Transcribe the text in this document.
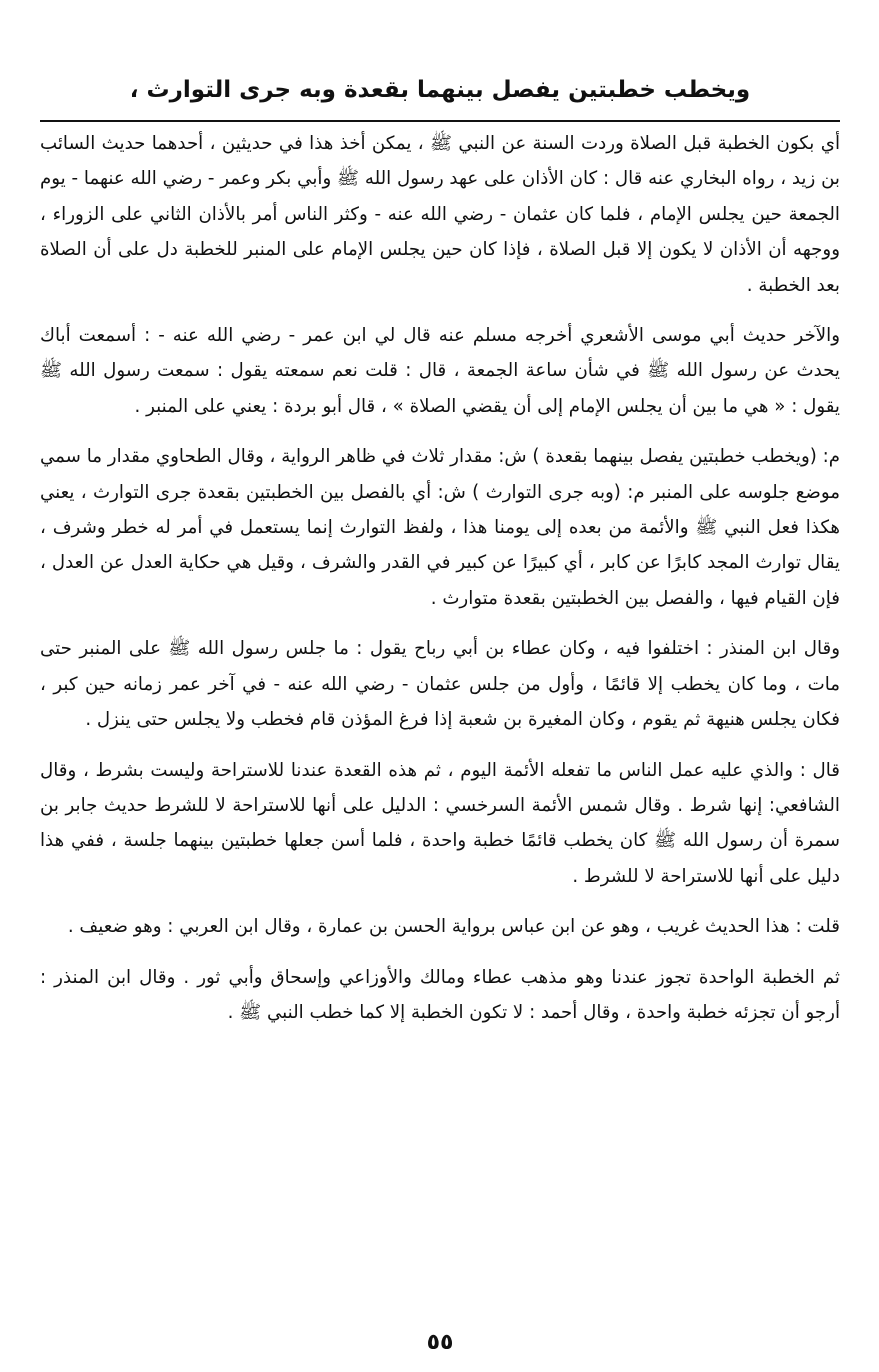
ويخطب خطبتين يفصل بينهما بقعدة وبه جرى التوارث ،

أي بكون الخطبة قبل الصلاة وردت السنة عن النبي ﷺ ، يمكن أخذ هذا في حديثين ، أحدهما حديث السائب بن زيد ، رواه البخاري عنه قال : كان الأذان على عهد رسول الله ﷺ وأبي بكر وعمر - رضي الله عنهما - يوم الجمعة حين يجلس الإمام ، فلما كان عثمان - رضي الله عنه - وكثر الناس أمر بالأذان الثاني على الزوراء ، ووجهه أن الأذان لا يكون إلا قبل الصلاة ، فإذا كان حين يجلس الإمام على المنبر للخطبة دل على أن الصلاة بعد الخطبة .

والآخر حديث أبي موسى الأشعري أخرجه مسلم عنه قال لي ابن عمر - رضي الله عنه - : أسمعت أباك يحدث عن رسول الله ﷺ في شأن ساعة الجمعة ، قال : قلت نعم سمعته يقول : سمعت رسول الله ﷺ يقول : « هي ما بين أن يجلس الإمام إلى أن يقضي الصلاة » ، قال أبو بردة : يعني على المنبر .

م: (ويخطب خطبتين يفصل بينهما بقعدة ) ش: مقدار ثلاث في ظاهر الرواية ، وقال الطحاوي مقدار ما سمي موضع جلوسه على المنبر م: (وبه جرى التوارث ) ش: أي بالفصل بين الخطبتين بقعدة جرى التوارث ، يعني هكذا فعل النبي ﷺ والأئمة من بعده إلى يومنا هذا ، ولفظ التوارث إنما يستعمل في أمر له خطر وشرف ، يقال توارث المجد كابرًا عن كابر ، أي كبيرًا عن كبير في القدر والشرف ، وقيل هي حكاية العدل عن العدل ، فإن القيام فيها ، والفصل بين الخطبتين بقعدة متوارث .

وقال ابن المنذر : اختلفوا فيه ، وكان عطاء بن أبي رباح يقول : ما جلس رسول الله ﷺ على المنبر حتى مات ، وما كان يخطب إلا قائمًا ، وأول من جلس عثمان - رضي الله عنه - في آخر عمر زمانه حين كبر ، فكان يجلس هنيهة ثم يقوم ، وكان المغيرة بن شعبة إذا فرغ المؤذن قام فخطب ولا يجلس حتى ينزل .

قال : والذي عليه عمل الناس ما تفعله الأئمة اليوم ، ثم هذه القعدة عندنا للاستراحة وليست بشرط ، وقال الشافعي: إنها شرط . وقال شمس الأئمة السرخسي : الدليل على أنها للاستراحة لا للشرط حديث جابر بن سمرة أن رسول الله ﷺ كان يخطب قائمًا خطبة واحدة ، فلما أسن جعلها خطبتين بينهما جلسة ، ففي هذا دليل على أنها للاستراحة لا للشرط .

قلت : هذا الحديث غريب ، وهو عن ابن عباس برواية الحسن بن عمارة ، وقال ابن العربي : وهو ضعيف .

ثم الخطبة الواحدة تجوز عندنا وهو مذهب عطاء ومالك والأوزاعي وإسحاق وأبي ثور . وقال ابن المنذر : أرجو أن تجزئه خطبة واحدة ، وقال أحمد : لا تكون الخطبة إلا كما خطب النبي ﷺ .

٥٥
